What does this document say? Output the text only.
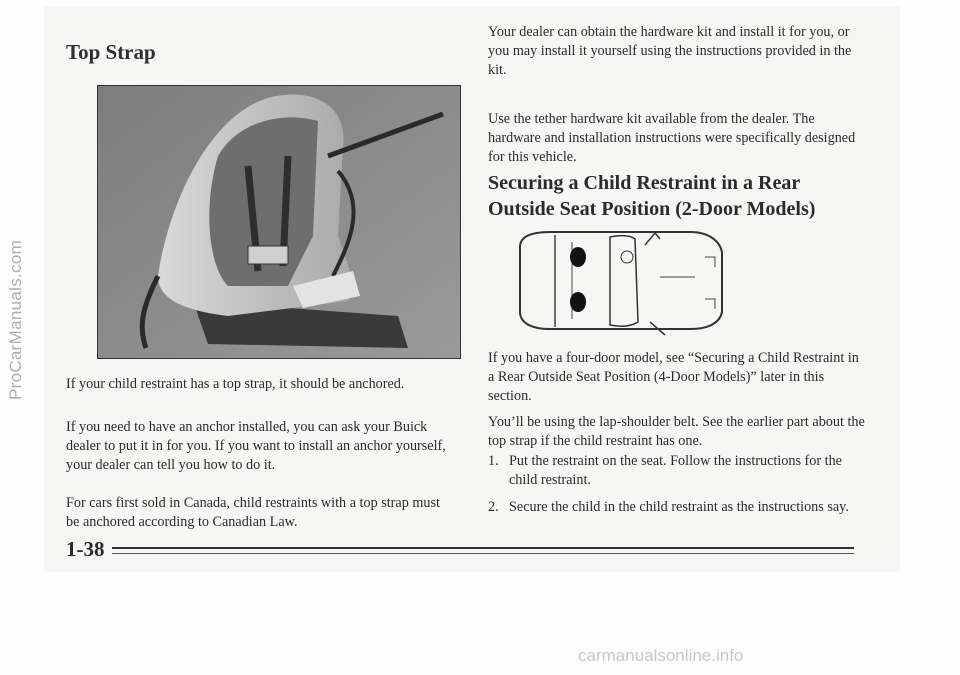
Top Strap
ProCarManuals.com	If your child restraint has a top strap, it should be anchored.

If you need to have an anchor installed, you can ask your Buick dealer to put it in for you. If you want to install an anchor yourself, your dealer can tell you how to do it.

For cars first sold in Canada, child restraints with a top strap must be anchored according to Canadian Law.

Your dealer can obtain the hardware kit and install it for you, or you may install it yourself using the instructions provided in the kit.

Use the tether hardware kit available from the dealer. The hardware and installation instructions were specifically designed for this vehicle.

Securing a Child Restraint in a Rear Outside Seat Position (2-Door Models)

If you have a four-door model, see “Securing a Child Restraint in a Rear Outside Seat Position (4-Door Models)” later in this section.

You’ll be using the lap-shoulder belt. See the earlier part about the top strap if the child restraint has one.

1. Put the restraint on the seat. Follow the instructions for the child restraint.
2. Secure the child in the child restraint as the instructions say.
1-38
carmanualsonline.info
